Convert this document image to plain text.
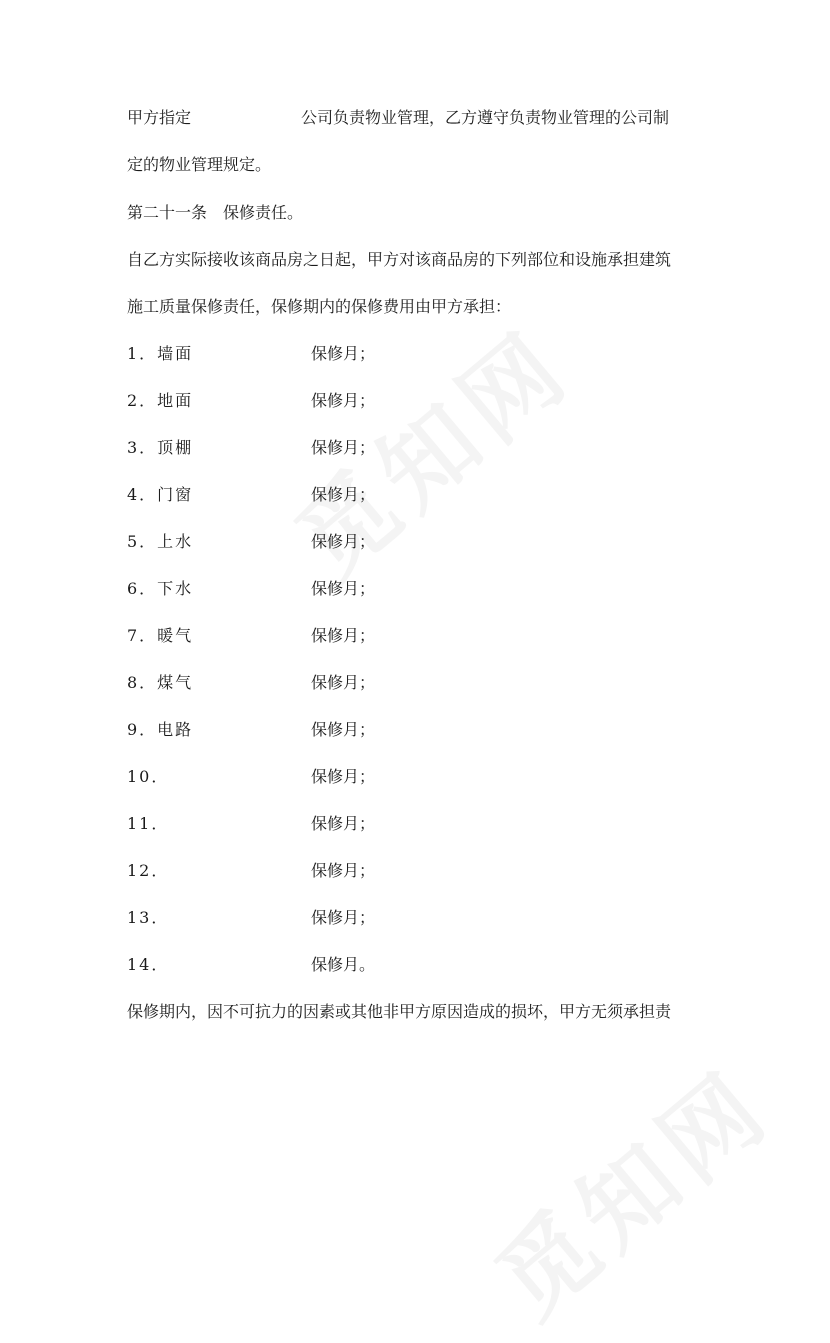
甲方指定	公司负责物业管理，乙方遵守负责物业管理的公司制
定的物业管理规定。
第二十一条　保修责任。
自乙方实际接收该商品房之日起，甲方对该商品房的下列部位和设施承担建筑
施工质量保修责任，保修期内的保修费用由甲方承担：
1．墙面	保修月；
2．地面	保修月；
3．顶棚	保修月；
4．门窗	保修月；
5．上水	保修月；
6．下水	保修月；
7．暖气	保修月；
8．煤气	保修月；
9．电路	保修月；
10．	保修月；
11．	保修月；
12．	保修月；
13．	保修月；
14．	保修月。
保修期内，因不可抗力的因素或其他非甲方原因造成的损坏，甲方无须承担责
